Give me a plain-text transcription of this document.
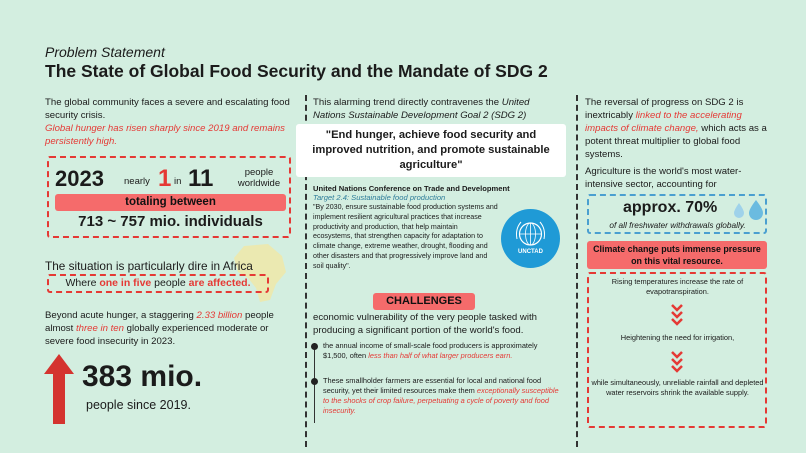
Problem Statement
The State of Global Food Security and the Mandate of SDG 2
The global community faces a severe and escalating food security crisis.
Global hunger has risen sharply since 2019 and remains persistently high.
2023 nearly 1 in 11	people worldwide
totaling between
713 ~ 757 mio. individuals
The situation is particularly dire in Africa
Where one in five people are affected.
Beyond acute hunger, a staggering 2.33 billion people almost three in ten globally experienced moderate or severe food insecurity in 2023.
383 mio.
people since 2019.
This alarming trend directly contravenes the United Nations Sustainable Development Goal 2 (SDG 2)
"End hunger, achieve food security and improved nutrition, and promote sustainable agriculture"
United Nations Conference on Trade and Development
Target 2.4: Sustainable food production
"By 2030, ensure sustainable food production systems and implement resilient agricultural practices that increase productivity and production, that help maintain ecosystems, that strengthen capacity for adaptation to climate change, extreme weather, drought, flooding and other disasters and that progressively improve land and soil quality".
UNCTAD
CHALLENGES
economic vulnerability of the very people tasked with producing a significant portion of the world's food.
the annual income of small-scale food producers is approximately $1,500, often less than half of what larger producers earn.
These smallholder farmers are essential for local and national food security, yet their limited resources make them exceptionally susceptible to the shocks of crop failure, perpetuating a cycle of poverty and food insecurity.
The reversal of progress on SDG 2 is inextricably linked to the accelerating impacts of climate change, which acts as a potent threat multiplier to global food systems.
Agriculture is the world's most water-intensive sector, accounting for
approx. 70%
of all freshwater withdrawals globally.
Climate change puts immense pressure on this vital resource.
Rising temperatures increase the rate of evapotranspiration.
Heightening the need for irrigation,
while simultaneously, unreliable rainfall and depleted water reservoirs shrink the available supply.
